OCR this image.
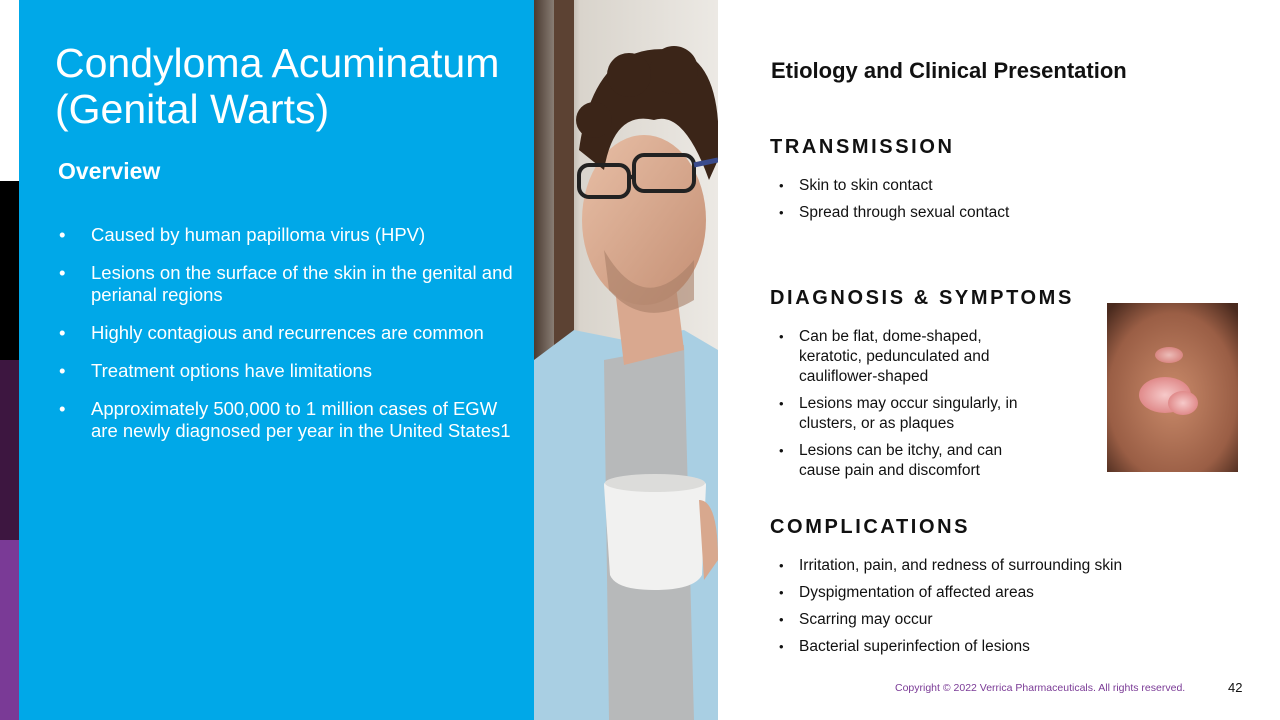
Condyloma Acuminatum
(Genital Warts)
Overview
• Caused by human papilloma virus (HPV)
• Lesions on the surface of the skin in the genital and perianal regions
• Highly contagious and recurrences are common
• Treatment options have limitations
• Approximately 500,000 to 1 million cases of EGW are newly diagnosed per year in the United States1
Etiology and Clinical Presentation
TRANSMISSION
• Skin to skin contact
• Spread through sexual contact
DIAGNOSIS & SYMPTOMS
• Can be flat, dome-shaped, keratotic, pedunculated and cauliflower-shaped
• Lesions may occur singularly, in clusters, or as plaques
• Lesions can be itchy, and can cause pain and discomfort
COMPLICATIONS
• Irritation, pain, and redness of surrounding skin
• Dyspigmentation of affected areas
• Scarring may occur
• Bacterial superinfection of lesions
Copyright © 2022 Verrica Pharmaceuticals. All rights reserved.	42
